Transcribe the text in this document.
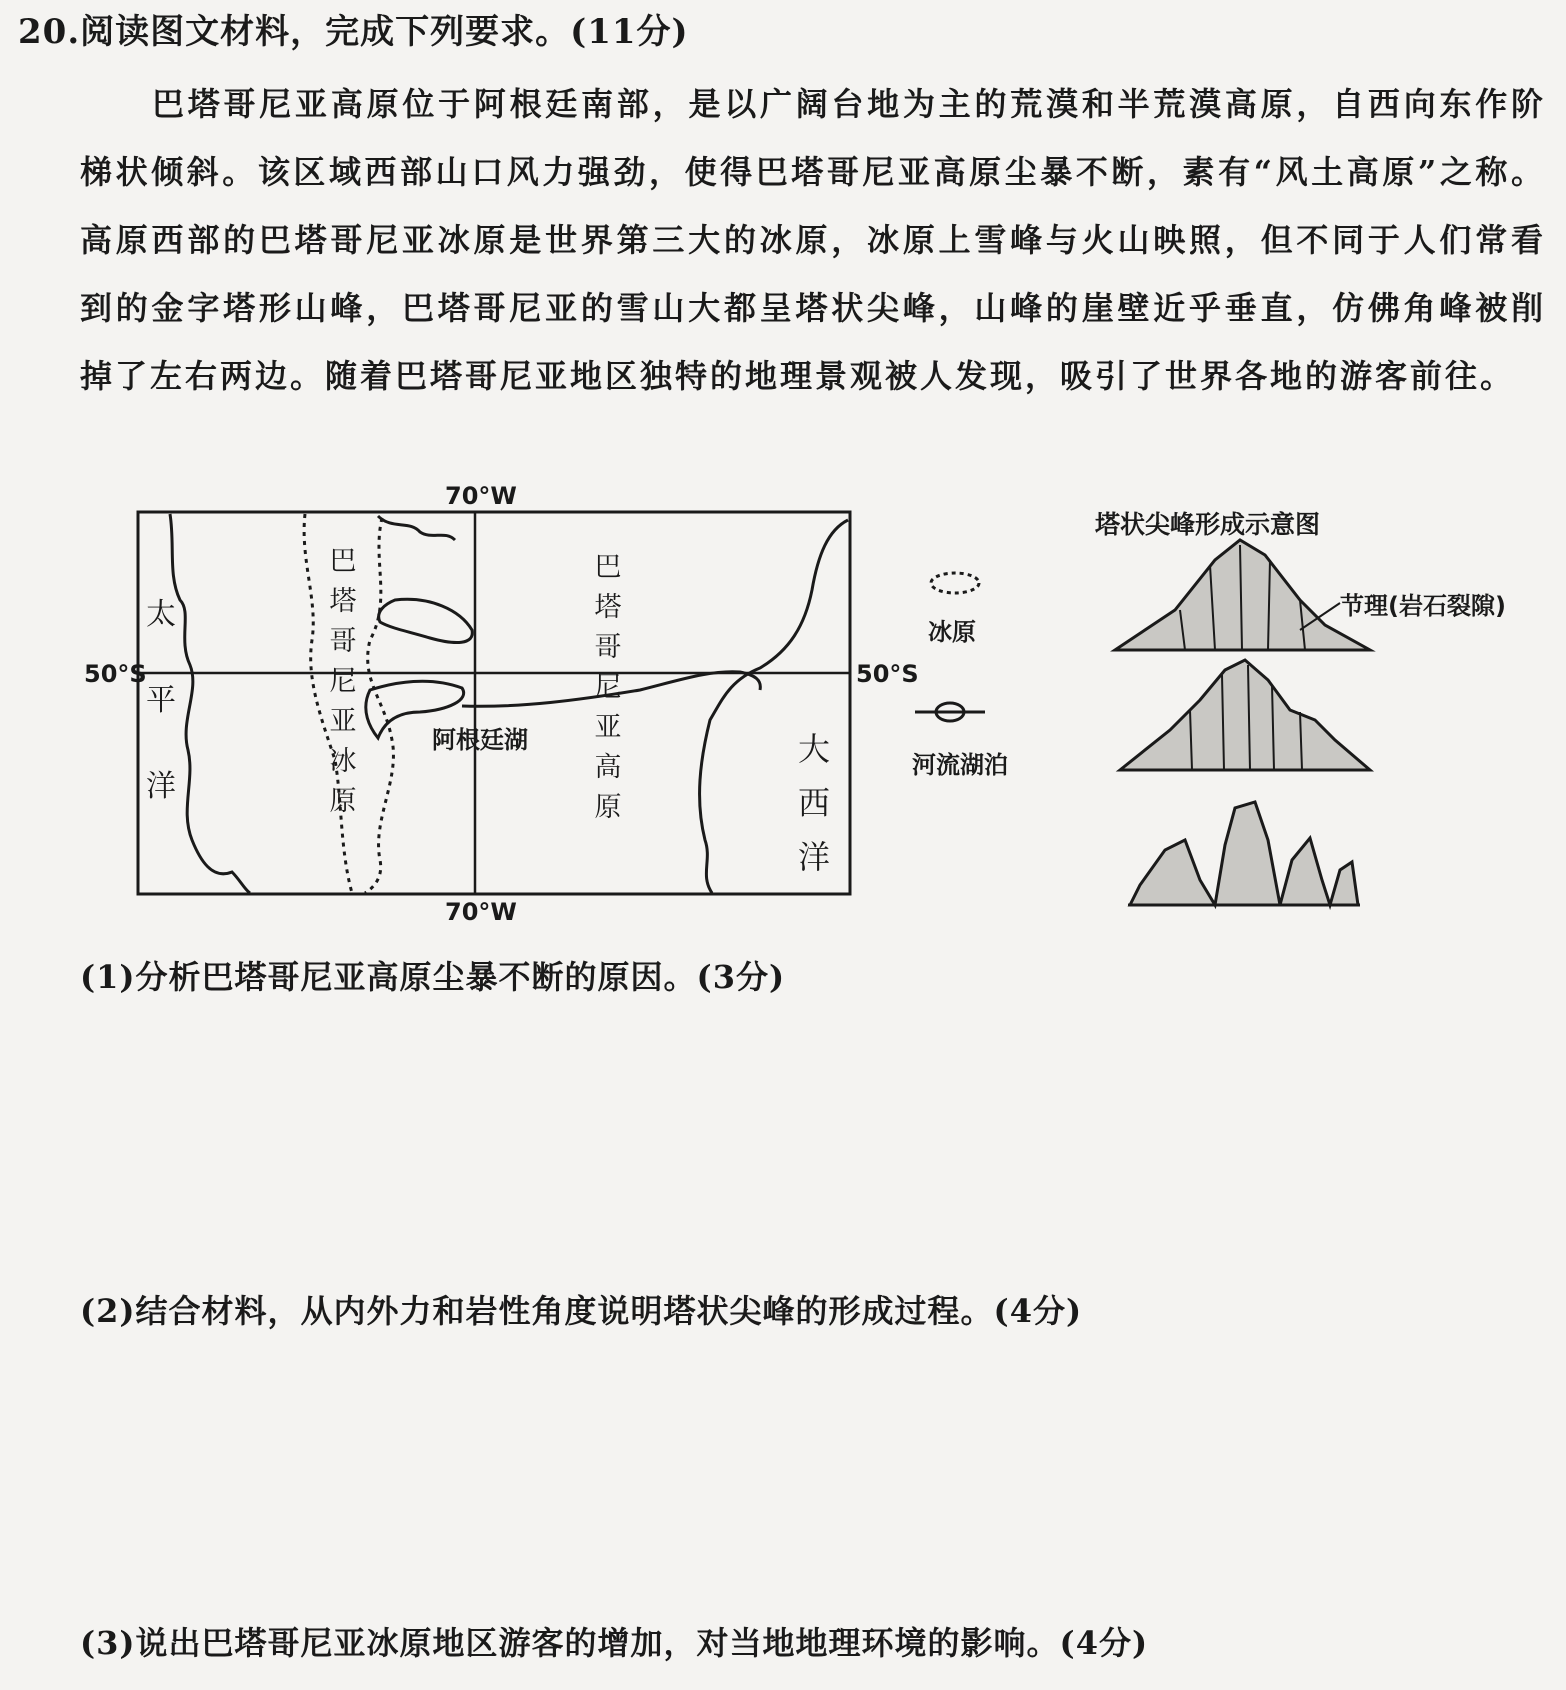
20.阅读图文材料，完成下列要求。(11分)
巴塔哥尼亚高原位于阿根廷南部，是以广阔台地为主的荒漠和半荒漠高原，自西向东作阶梯状倾斜。该区域西部山口风力强劲，使得巴塔哥尼亚高原尘暴不断，素有“风土高原”之称。高原西部的巴塔哥尼亚冰原是世界第三大的冰原，冰原上雪峰与火山映照，但不同于人们常看到的金字塔形山峰，巴塔哥尼亚的雪山大都呈塔状尖峰，山峰的崖壁近乎垂直，仿佛角峰被削掉了左右两边。随着巴塔哥尼亚地区独特的地理景观被人发现，吸引了世界各地的游客前往。
70°W
70°W
50°S	50°S
太平洋
大西洋
巴塔哥尼亚冰原
巴塔哥尼亚高原
阿根廷湖
冰原
河流湖泊
塔状尖峰形成示意图
节理(岩石裂隙)
(1)分析巴塔哥尼亚高原尘暴不断的原因。(3分)
(2)结合材料，从内外力和岩性角度说明塔状尖峰的形成过程。(4分)
(3)说出巴塔哥尼亚冰原地区游客的增加，对当地地理环境的影响。(4分)
